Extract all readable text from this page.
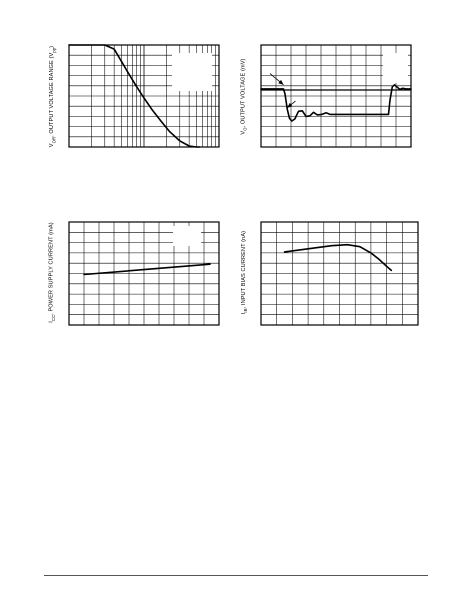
$V_{OR}$, OUTPUT VOLTAGE RANGE $(V_{pp})$
$V_O$, OUTPUT VOLTAGE (mV)
$I_{CC}$, POWER SUPPLY CURRENT (mA)	$I_{IB}$, INPUT BIAS CURRENT (nA)
